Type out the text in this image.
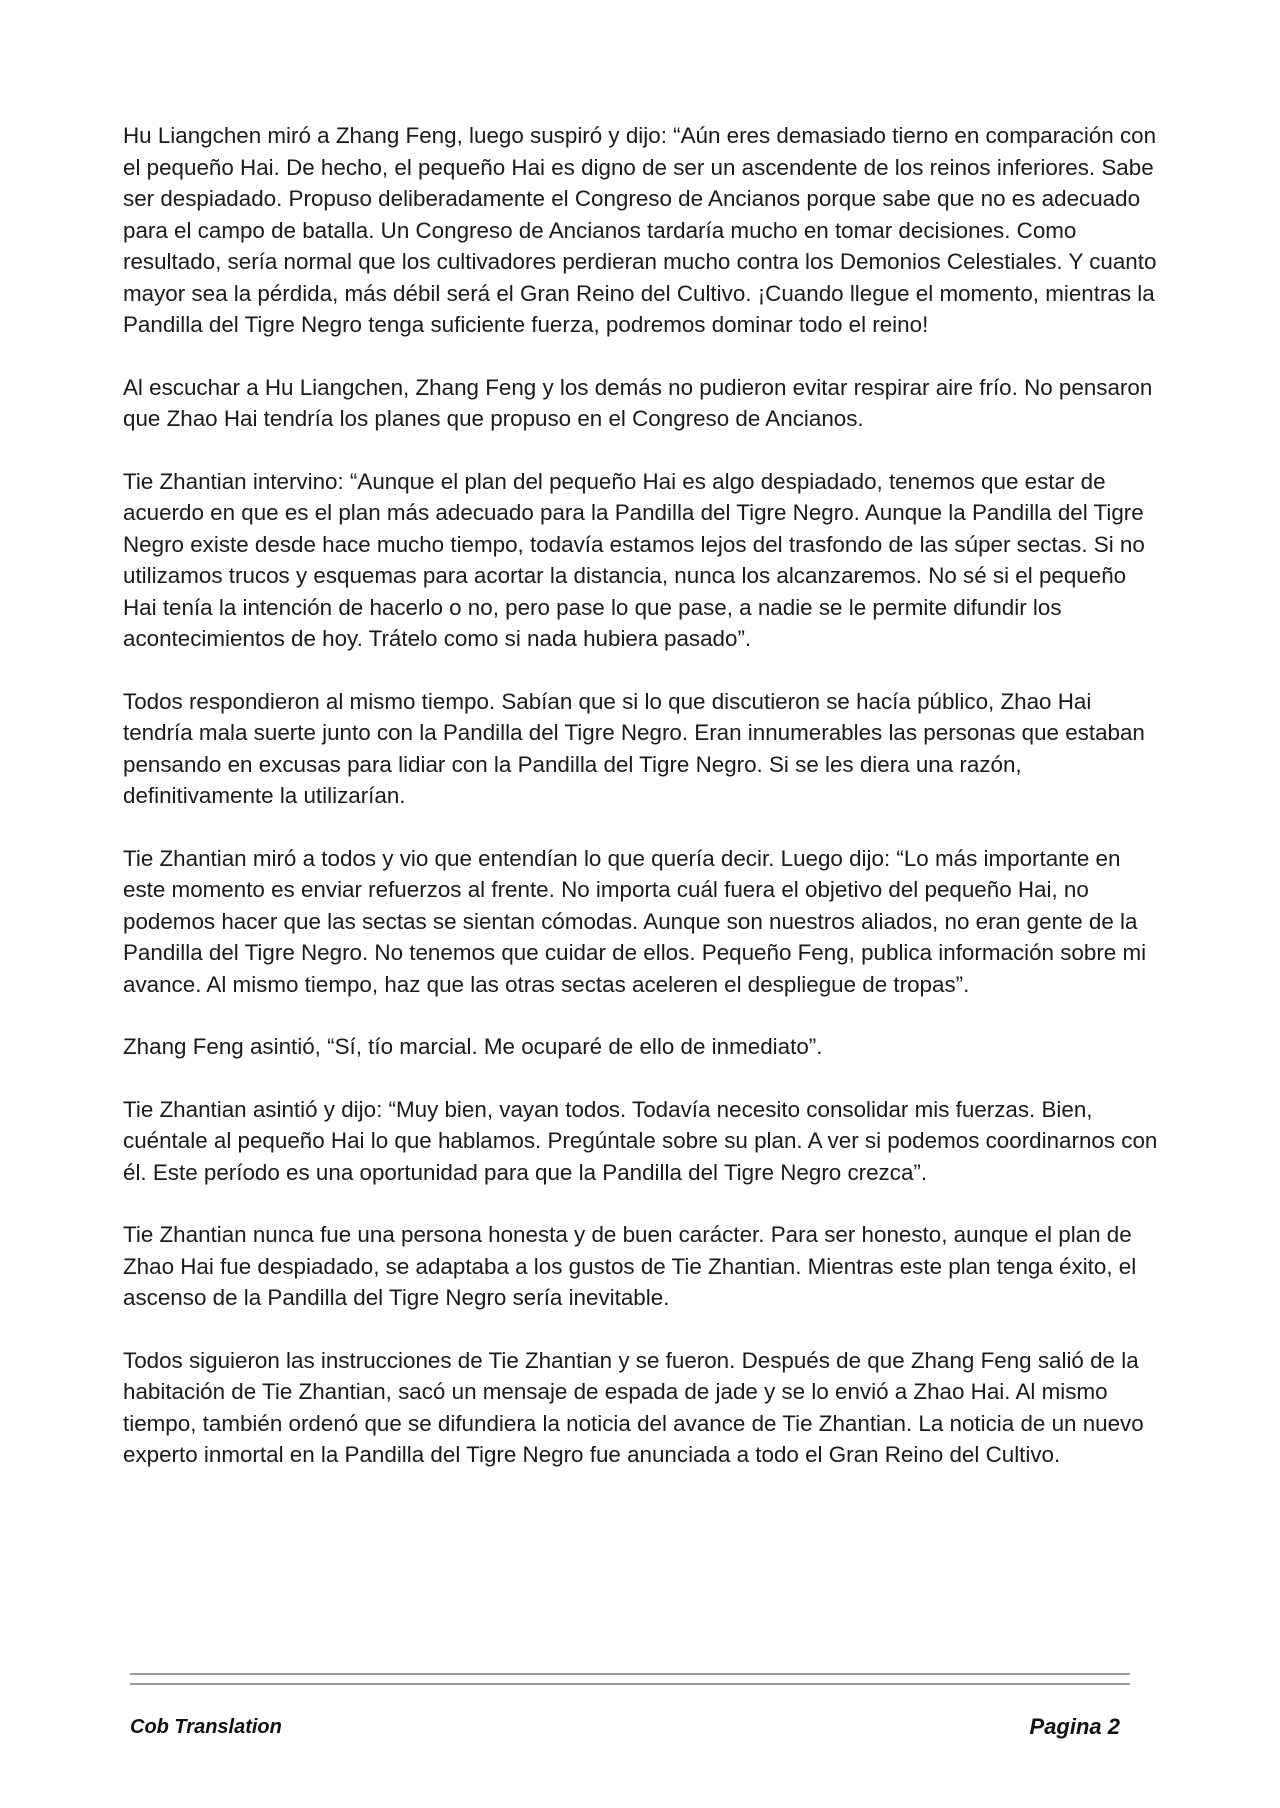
Hu Liangchen miró a Zhang Feng, luego suspiró y dijo: “Aún eres demasiado tierno en comparación con el pequeño Hai. De hecho, el pequeño Hai es digno de ser un ascendente de los reinos inferiores. Sabe ser despiadado. Propuso deliberadamente el Congreso de Ancianos porque sabe que no es adecuado para el campo de batalla. Un Congreso de Ancianos tardaría mucho en tomar decisiones. Como resultado, sería normal que los cultivadores perdieran mucho contra los Demonios Celestiales. Y cuanto mayor sea la pérdida, más débil será el Gran Reino del Cultivo. ¡Cuando llegue el momento, mientras la Pandilla del Tigre Negro tenga suficiente fuerza, podremos dominar todo el reino!

Al escuchar a Hu Liangchen, Zhang Feng y los demás no pudieron evitar respirar aire frío. No pensaron que Zhao Hai tendría los planes que propuso en el Congreso de Ancianos.

Tie Zhantian intervino: “Aunque el plan del pequeño Hai es algo despiadado, tenemos que estar de acuerdo en que es el plan más adecuado para la Pandilla del Tigre Negro. Aunque la Pandilla del Tigre Negro existe desde hace mucho tiempo, todavía estamos lejos del trasfondo de las súper sectas. Si no utilizamos trucos y esquemas para acortar la distancia, nunca los alcanzaremos. No sé si el pequeño Hai tenía la intención de hacerlo o no, pero pase lo que pase, a nadie se le permite difundir los acontecimientos de hoy. Trátelo como si nada hubiera pasado”.

Todos respondieron al mismo tiempo. Sabían que si lo que discutieron se hacía público, Zhao Hai tendría mala suerte junto con la Pandilla del Tigre Negro. Eran innumerables las personas que estaban pensando en excusas para lidiar con la Pandilla del Tigre Negro. Si se les diera una razón, definitivamente la utilizarían.

Tie Zhantian miró a todos y vio que entendían lo que quería decir. Luego dijo: “Lo más importante en este momento es enviar refuerzos al frente. No importa cuál fuera el objetivo del pequeño Hai, no podemos hacer que las sectas se sientan cómodas. Aunque son nuestros aliados, no eran gente de la Pandilla del Tigre Negro. No tenemos que cuidar de ellos. Pequeño Feng, publica información sobre mi avance. Al mismo tiempo, haz que las otras sectas aceleren el despliegue de tropas”.

Zhang Feng asintió, “Sí, tío marcial. Me ocuparé de ello de inmediato”.

Tie Zhantian asintió y dijo: “Muy bien, vayan todos. Todavía necesito consolidar mis fuerzas. Bien, cuéntale al pequeño Hai lo que hablamos. Pregúntale sobre su plan. A ver si podemos coordinarnos con él. Este período es una oportunidad para que la Pandilla del Tigre Negro crezca”.

Tie Zhantian nunca fue una persona honesta y de buen carácter. Para ser honesto, aunque el plan de Zhao Hai fue despiadado, se adaptaba a los gustos de Tie Zhantian. Mientras este plan tenga éxito, el ascenso de la Pandilla del Tigre Negro sería inevitable.

Todos siguieron las instrucciones de Tie Zhantian y se fueron. Después de que Zhang Feng salió de la habitación de Tie Zhantian, sacó un mensaje de espada de jade y se lo envió a Zhao Hai. Al mismo tiempo, también ordenó que se difundiera la noticia del avance de Tie Zhantian. La noticia de un nuevo experto inmortal en la Pandilla del Tigre Negro fue anunciada a todo el Gran Reino del Cultivo.

Cob Translation	Pagina 2
